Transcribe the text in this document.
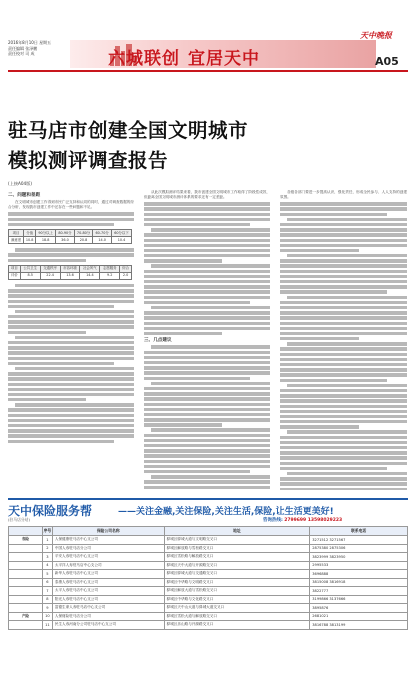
2016年8月10日 星期五
责任编辑 张泽鹏
责任校对 司 成	六城联创 宜居天中
天中晚报
A05
驻马店市创建全国文明城市
模拟测评调查报告
(上接A04版)
二、问题和差距

在文明城市创建工作得到市民广泛支持和认同的同时，通过对调查数据的综合分析，发现我市创建工作中还存在一些问题和不足。

项目	分值	90分以上	80-90分	70-80分	60-70分	60分以下
满意度	10.8	18.8	36.0	20.8	14.0	10.4
项目	公共卫生	交通秩序	市容环境	社会风气	志愿服务	综合
评价	8.5	22.4	13.6	14.4	9.2	2.0

从此次模拟测评结果来看，我市创建全国文明城市工作取得了阶段性成效，但距离全国文明城市测评体系的要求还有一定差距。

三、几点建议

各级各部门要进一步提高认识，强化责任，形成全民参与、人人支持的创建氛围。

天中保险服务帮
(驻马店分站)
——关注金融,关注保险,关注生活,保险,让生活更美好!
咨询热线: 2799699 13598029223
	序号	保险公司名称	地址	联系电话
寿险	1	人保健康驻马店中心支公司	驿城区驿城大道与文明路交叉口	3271512 3271567
	2	中国人寿驻马店分公司	驿城区解放路与雪松路交叉口	2875380 2875306
	3	平安人寿驻马店中心支公司	驿城区雪松路与解放路交叉口	3823999 3823950
	4	太平洋人寿驻马店中心支公司	驿城区天中大道与开源路交叉口	2995533
	5	新华人寿驻马店中心支公司	驿城区驿城大道与交通路交叉口	3696888
	6	泰康人寿驻马店中心支公司	驿城区中华路与文明路交叉口	3815008 3816918
	7	太平人寿驻马店中心支公司	驿城区解放大道与雪松路交叉口	3822777
	8	阳光人寿驻马店中心支公司	驿城区中华路与文化路交叉口	3199866 3137666
	9	富德生命人寿驻马店中心支公司	驿城区天中山大道与驿城大道交叉口	3895876
产险	10	人保财险驻马店分公司	驿城区雪松大道与解放路交叉口	2681021
	11	民生人寿河南分公司驻马店中心支公司	驿城区乐山路与开源路交叉口	3816788 3813199
